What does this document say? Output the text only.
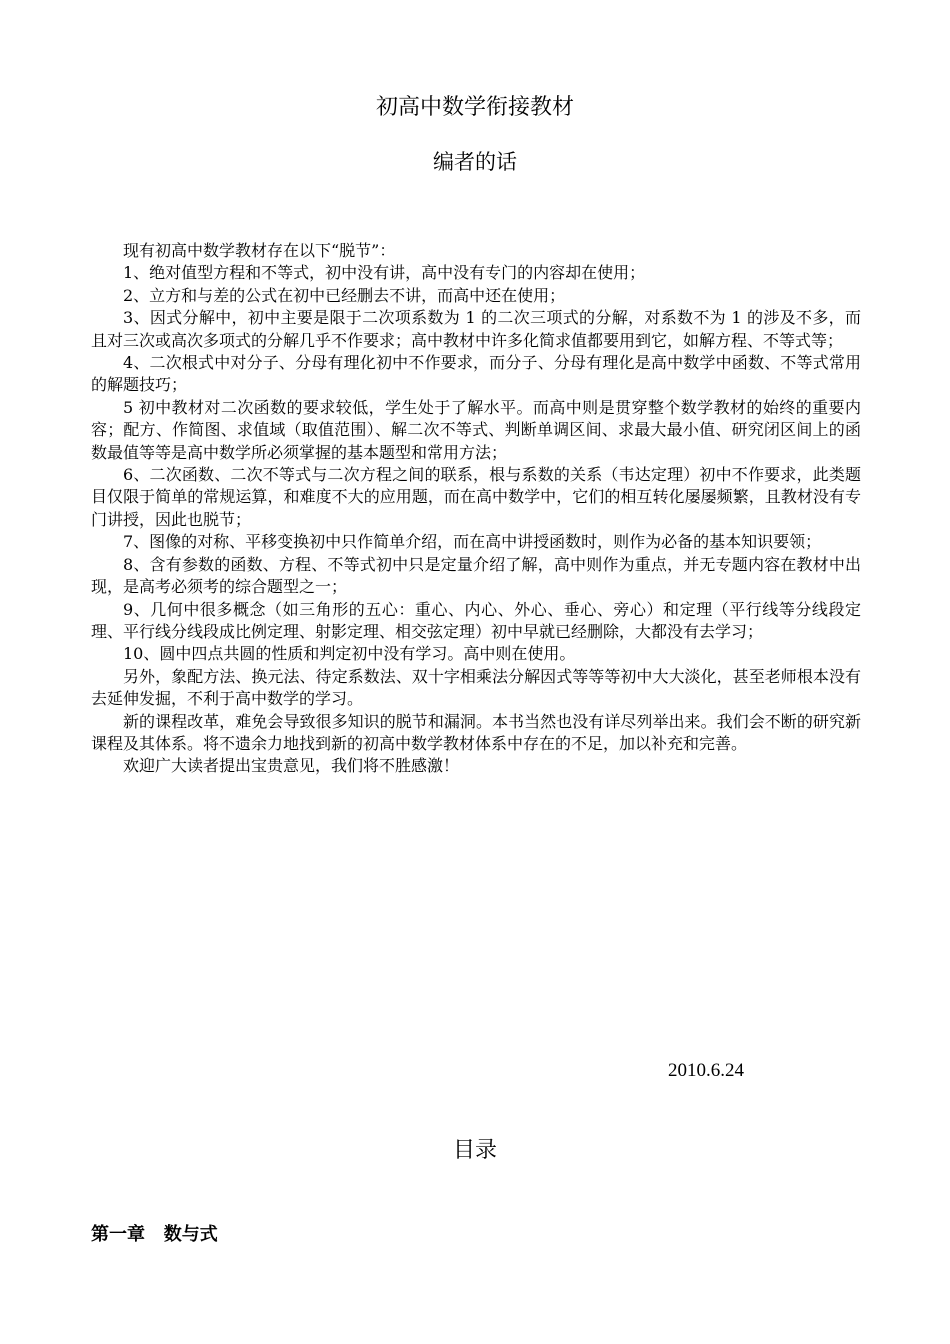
初高中数学衔接教材
编者的话

现有初高中数学教材存在以下“脱节”：

1、绝对值型方程和不等式，初中没有讲，高中没有专门的内容却在使用；

2、立方和与差的公式在初中已经删去不讲，而高中还在使用；

3、因式分解中，初中主要是限于二次项系数为 1 的二次三项式的分解，对系数不为 1 的涉及不多，而且对三次或高次多项式的分解几乎不作要求；高中教材中许多化简求值都要用到它，如解方程、不等式等；

4、二次根式中对分子、分母有理化初中不作要求，而分子、分母有理化是高中数学中函数、不等式常用的解题技巧；

5 初中教材对二次函数的要求较低，学生处于了解水平。而高中则是贯穿整个数学教材的始终的重要内容；配方、作简图、求值域（取值范围）、解二次不等式、判断单调区间、求最大最小值、研究闭区间上的函数最值等等是高中数学所必须掌握的基本题型和常用方法；

6、二次函数、二次不等式与二次方程之间的联系，根与系数的关系（韦达定理）初中不作要求，此类题目仅限于简单的常规运算，和难度不大的应用题，而在高中数学中，它们的相互转化屡屡频繁，且教材没有专门讲授，因此也脱节；

7、图像的对称、平移变换初中只作简单介绍，而在高中讲授函数时，则作为必备的基本知识要领；

8、含有参数的函数、方程、不等式初中只是定量介绍了解，高中则作为重点，并无专题内容在教材中出现，是高考必须考的综合题型之一；

9、几何中很多概念（如三角形的五心：重心、内心、外心、垂心、旁心）和定理（平行线等分线段定理、平行线分线段成比例定理、射影定理、相交弦定理）初中早就已经删除，大都没有去学习；

10、圆中四点共圆的性质和判定初中没有学习。高中则在使用。

另外，象配方法、换元法、待定系数法、双十字相乘法分解因式等等等初中大大淡化，甚至老师根本没有去延伸发掘，不利于高中数学的学习。

新的课程改革，难免会导致很多知识的脱节和漏洞。本书当然也没有详尽列举出来。我们会不断的研究新课程及其体系。将不遗余力地找到新的初高中数学教材体系中存在的不足，加以补充和完善。

欢迎广大读者提出宝贵意见，我们将不胜感激！

2010.6.24
目录
第一章   数与式
